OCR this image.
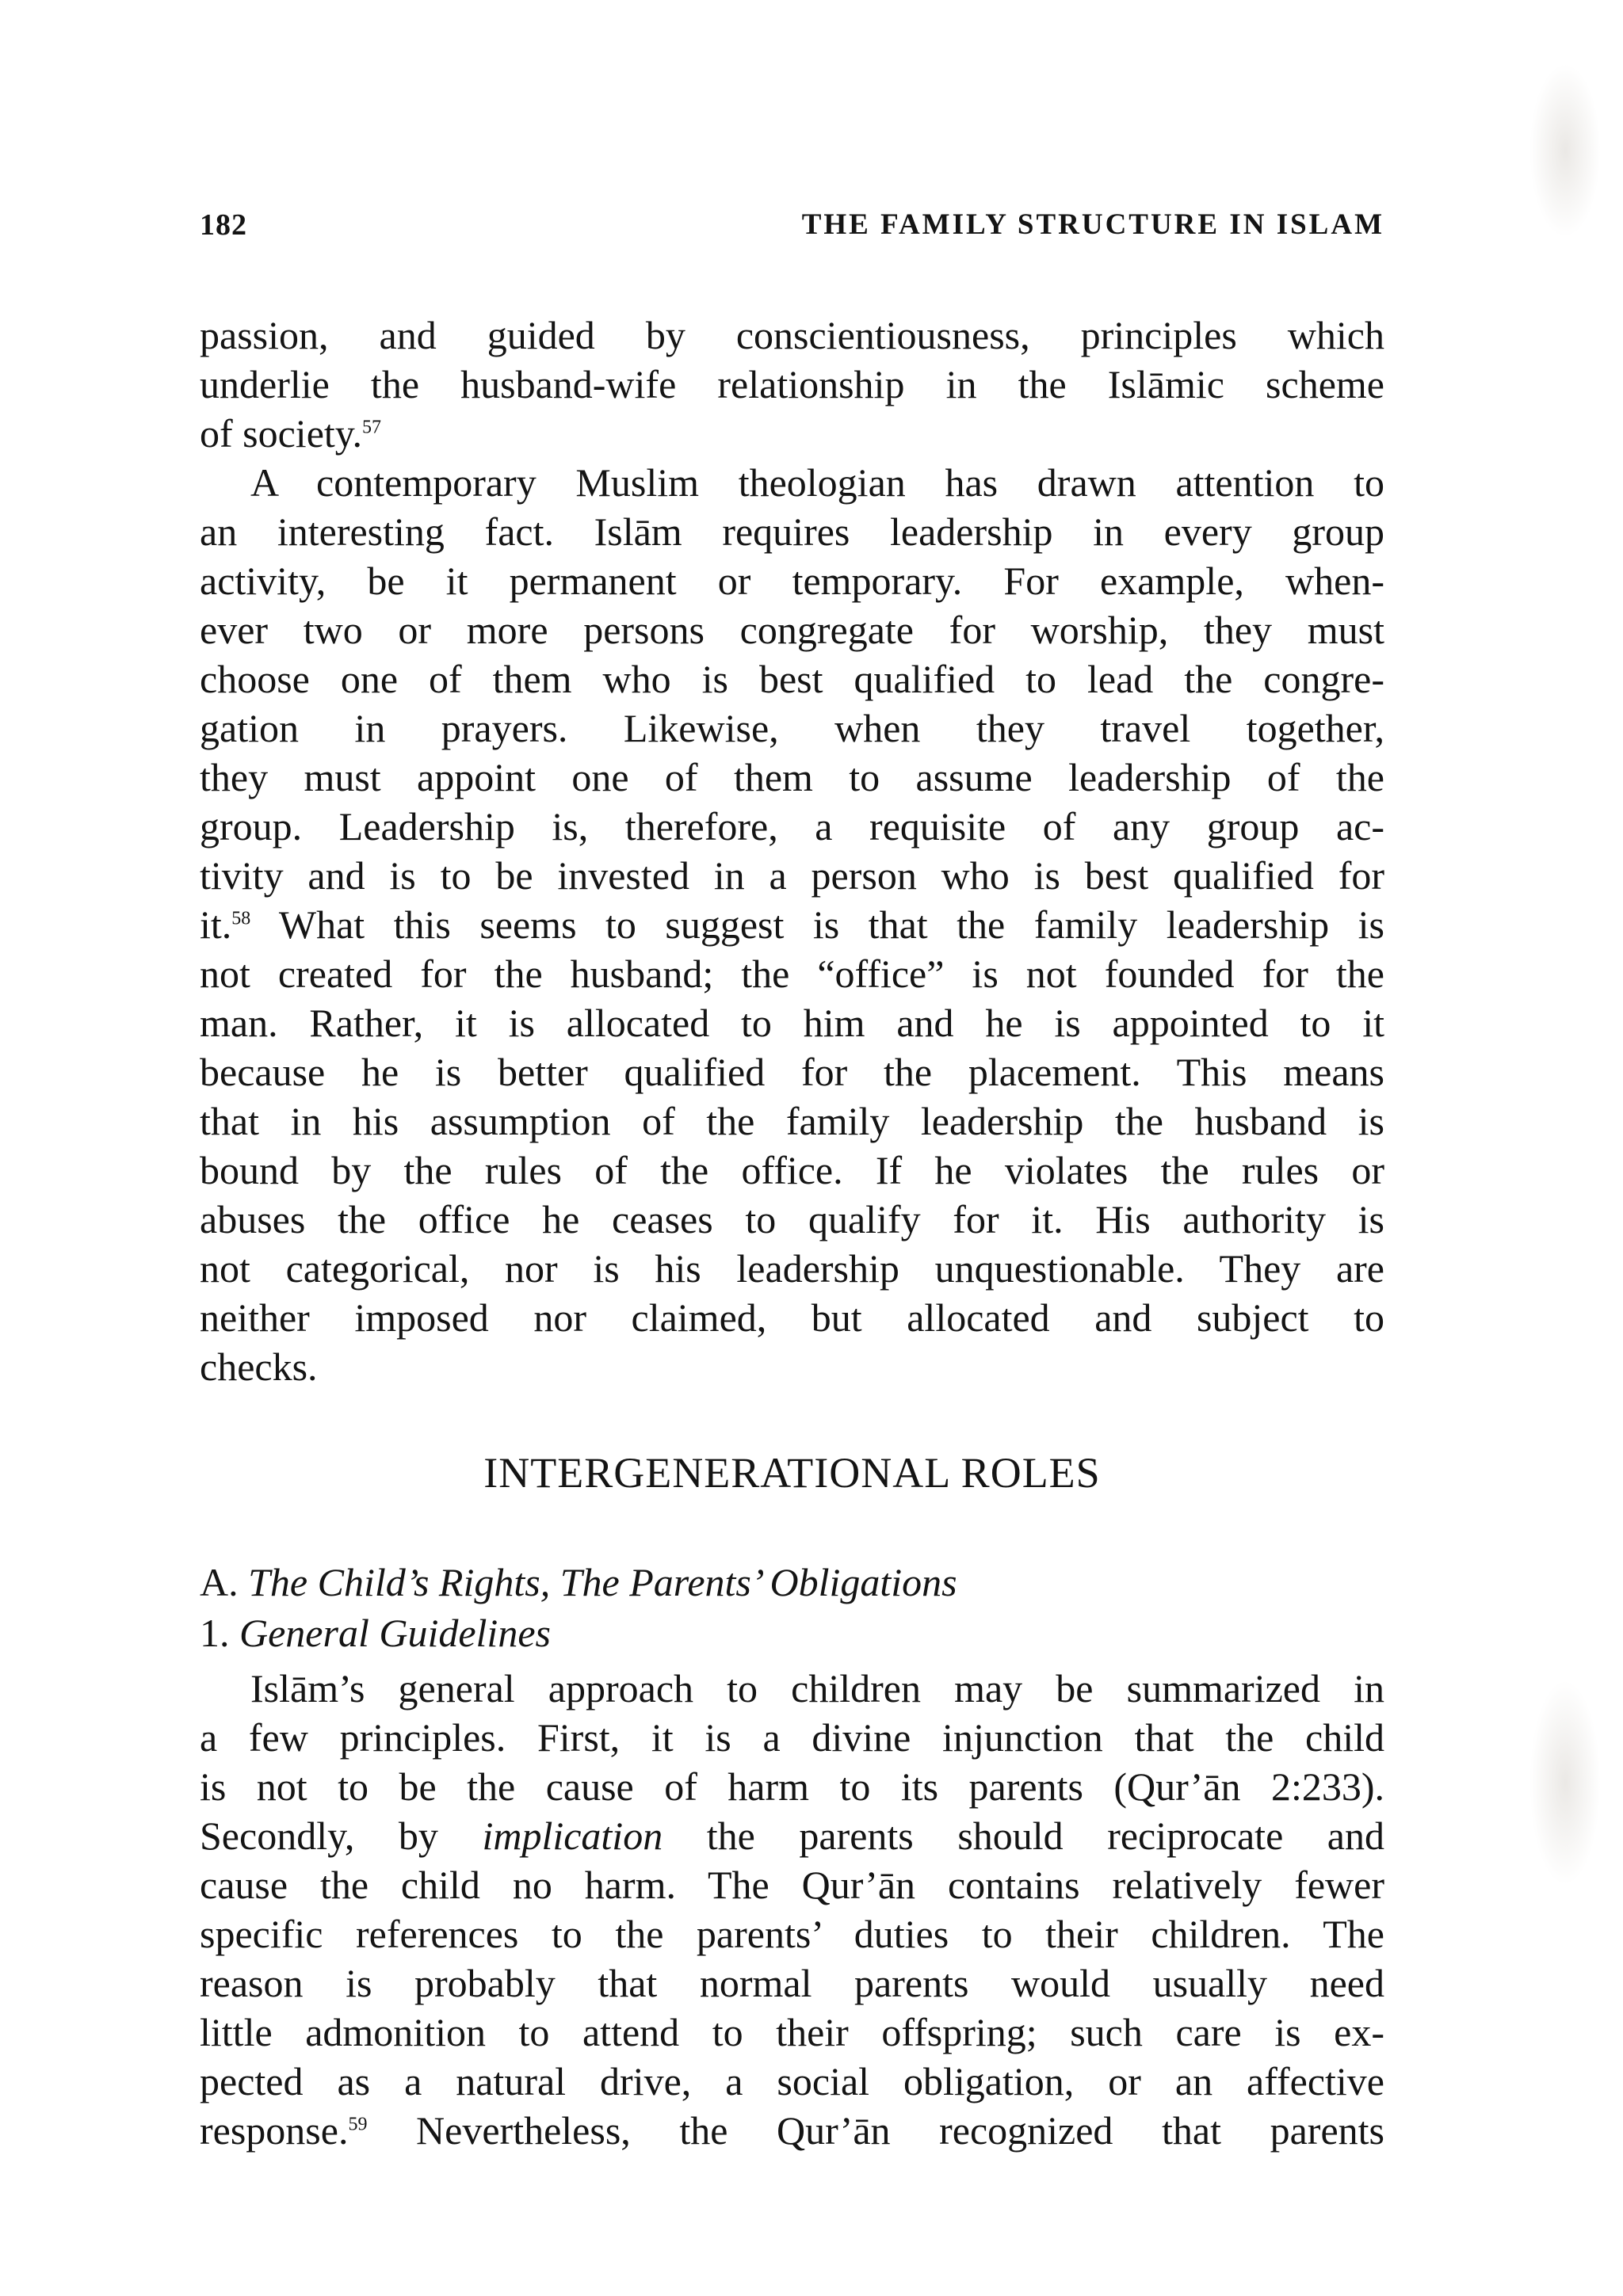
182	THE FAMILY STRUCTURE IN ISLAM
passion, and guided by conscientiousness, principles which
underlie the husband-wife relationship in the Islāmic scheme
of society.$^{57}$
A contemporary Muslim theologian has drawn attention to
an interesting fact. Islām requires leadership in every group
activity, be it permanent or temporary. For example, when-
ever two or more persons congregate for worship, they must
choose one of them who is best qualified to lead the congre-
gation in prayers. Likewise, when they travel together,
they must appoint one of them to assume leadership of the
group. Leadership is, therefore, a requisite of any group ac-
tivity and is to be invested in a person who is best qualified for
it.$^{58}$ What this seems to suggest is that the family leadership is
not created for the husband; the “office” is not founded for the
man. Rather, it is allocated to him and he is appointed to it
because he is better qualified for the placement. This means
that in his assumption of the family leadership the husband is
bound by the rules of the office. If he violates the rules or
abuses the office he ceases to qualify for it. His authority is
not categorical, nor is his leadership unquestionable. They are
neither imposed nor claimed, but allocated and subject to
checks.
INTERGENERATIONAL ROLES
A. The Child’s Rights, The Parents’ Obligations
1. General Guidelines
Islām’s general approach to children may be summarized in
a few principles. First, it is a divine injunction that the child
is not to be the cause of harm to its parents (Qur’ān 2:233).
Secondly, by implication the parents should reciprocate and
cause the child no harm. The Qur’ān contains relatively fewer
specific references to the parents’ duties to their children. The
reason is probably that normal parents would usually need
little admonition to attend to their offspring; such care is ex-
pected as a natural drive, a social obligation, or an affective
response.$^{59}$ Nevertheless, the Qur’ān recognized that parents
